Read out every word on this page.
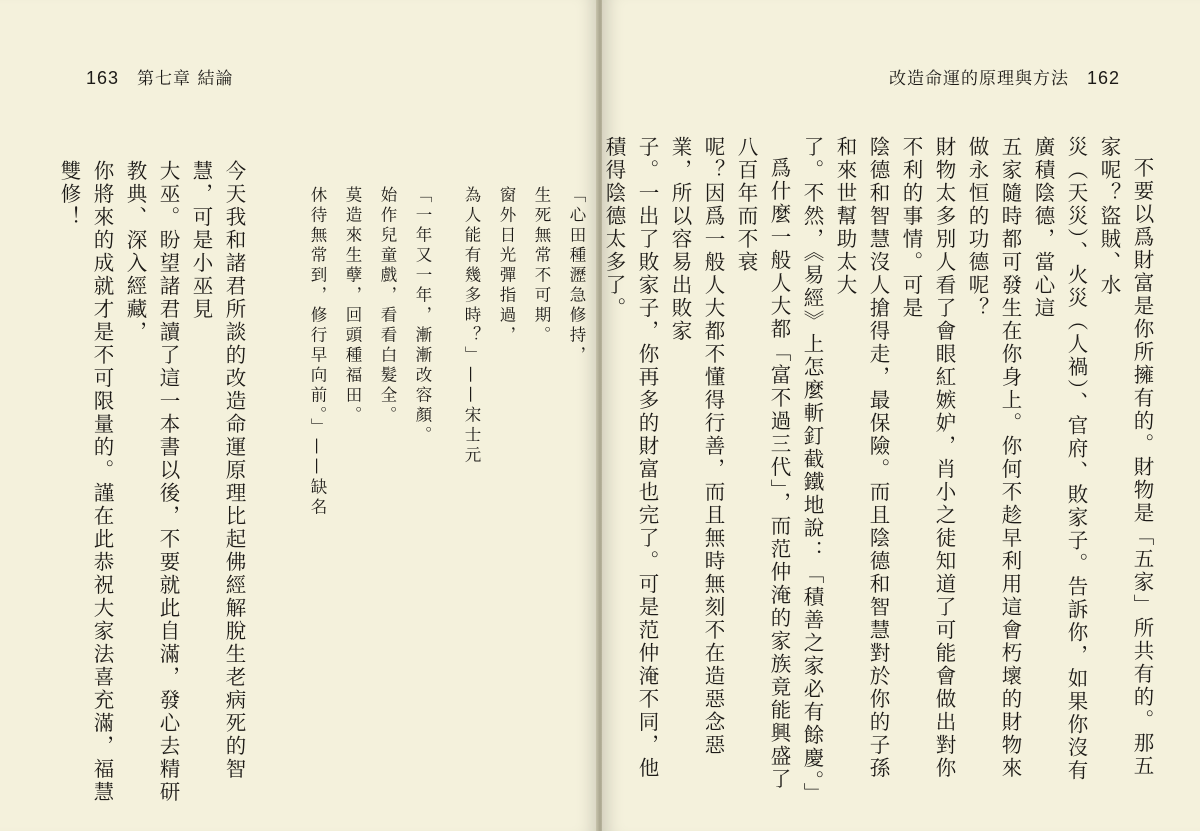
163 第七章 結論

今天我和諸君所談的改造命運原理比起佛經解脫生老病死的智慧，可是小巫見

大巫。盼望諸君讀了這一本書以後，不要就此自滿，發心去精研教典、深入經藏，

你將來的成就才是不可限量的。謹在此恭祝大家法喜充滿，福慧雙修！

改造命運的原理與方法 162

不要以爲財富是你所擁有的。財物是「五家」所共有的。那五家呢？盜賊、水

災（天災）、火災（人禍）、官府、敗家子。告訴你，如果你沒有廣積陰德，當心這

五家隨時都可發生在你身上。你何不趁早利用這會朽壞的財物來做永恒的功德呢？

財物太多別人看了會眼紅嫉妒，肖小之徒知道了可能會做出對你不利的事情。可是

陰德和智慧沒人搶得走，最保險。而且陰德和智慧對於你的子孫和來世幫助太大

了。不然，《易經》上怎麼斬釘截鐵地說：「積善之家必有餘慶。」

爲什麼一般人大都「富不過三代」，而范仲淹的家族竟能興盛了八百年而不衰

呢？因爲一般人大都不懂得行善，而且無時無刻不在造惡念惡業，所以容易出敗家

子。一出了敗家子，你再多的財富也完了。可是范仲淹不同，他積得陰德太多了。

「心田種瀝急修持，
生死無常不可期。
窗外日光彈指過，
為人能有幾多時？」——宋士元
「一年又一年，漸漸改容顏。
始作兒童戲，看看白髮全。
莫造來生孽，回頭種福田。
休待無常到，修行早向前。」——缺名
